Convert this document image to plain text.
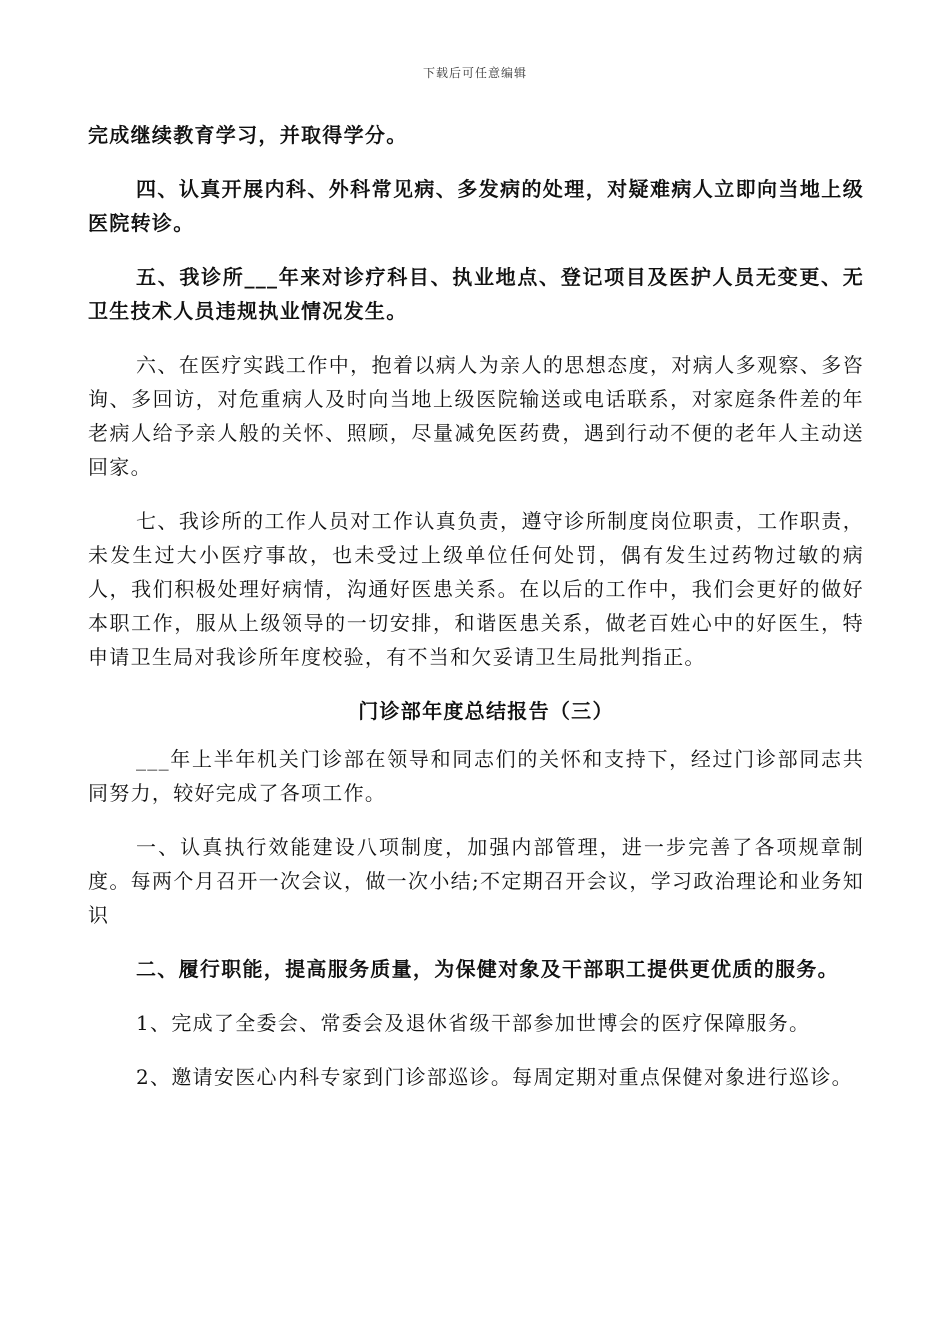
下载后可任意编辑

完成继续教育学习，并取得学分。

四、认真开展内科、外科常见病、多发病的处理，对疑难病人立即向当地上级医院转诊。

五、我诊所___年来对诊疗科目、执业地点、登记项目及医护人员无变更、无卫生技术人员违规执业情况发生。

六、在医疗实践工作中，抱着以病人为亲人的思想态度，对病人多观察、多咨询、多回访，对危重病人及时向当地上级医院输送或电话联系，对家庭条件差的年老病人给予亲人般的关怀、照顾，尽量减免医药费，遇到行动不便的老年人主动送回家。

七、我诊所的工作人员对工作认真负责，遵守诊所制度岗位职责，工作职责，未发生过大小医疗事故，也未受过上级单位任何处罚，偶有发生过药物过敏的病人，我们积极处理好病情，沟通好医患关系。在以后的工作中，我们会更好的做好本职工作，服从上级领导的一切安排，和谐医患关系，做老百姓心中的好医生，特申请卫生局对我诊所年度校验，有不当和欠妥请卫生局批判指正。

门诊部年度总结报告（三）

___年上半年机关门诊部在领导和同志们的关怀和支持下，经过门诊部同志共同努力，较好完成了各项工作。

一、认真执行效能建设八项制度，加强内部管理，进一步完善了各项规章制度。每两个月召开一次会议，做一次小结;不定期召开会议，学习政治理论和业务知识

二、履行职能，提高服务质量，为保健对象及干部职工提供更优质的服务。

1、完成了全委会、常委会及退休省级干部参加世博会的医疗保障服务。

2、邀请安医心内科专家到门诊部巡诊。每周定期对重点保健对象进行巡诊。
